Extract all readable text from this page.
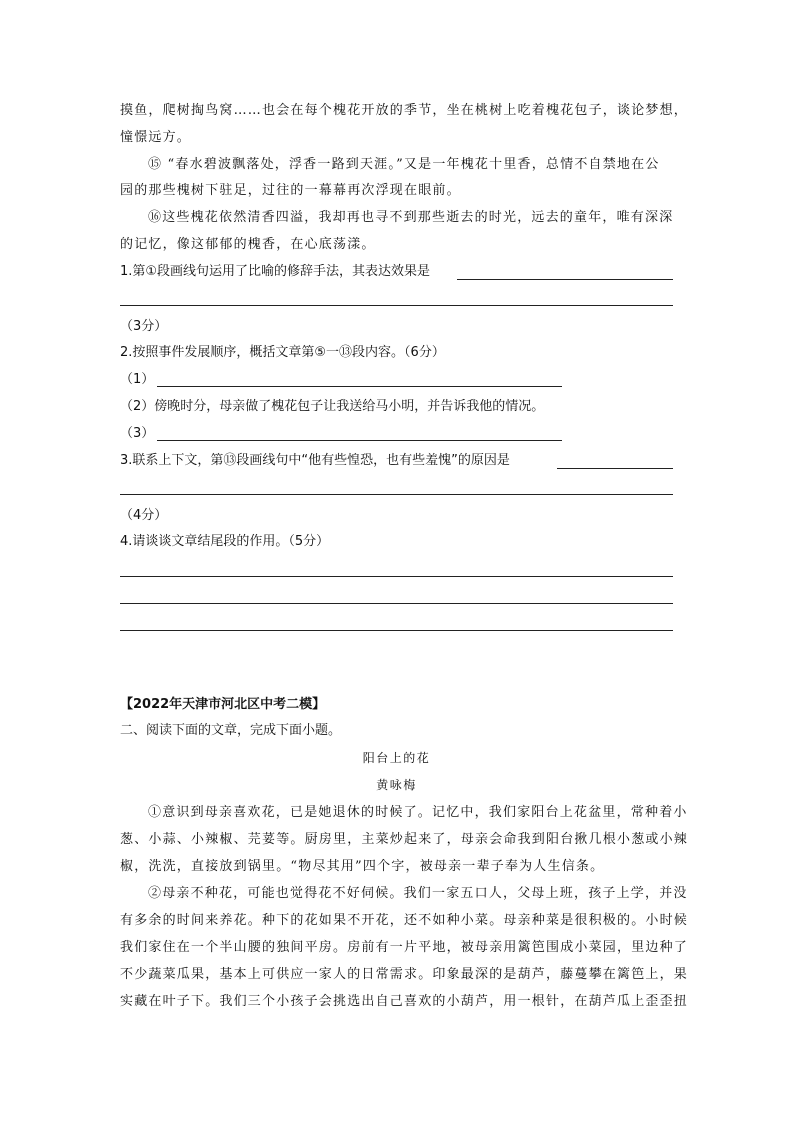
摸鱼，爬树掏鸟窝……也会在每个槐花开放的季节，坐在桃树上吃着槐花包子，谈论梦想，
憧憬远方。
⑮ “春水碧波飘落处，浮香一路到天涯。”又是一年槐花十里香，总情不自禁地在公
园的那些槐树下驻足，过往的一幕幕再次浮现在眼前。
⑯这些槐花依然清香四溢，我却再也寻不到那些逝去的时光，远去的童年，唯有深深
的记忆，像这郁郁的槐香，在心底荡漾。
1.第①段画线句运用了比喻的修辞手法，其表达效果是
（3分）
2.按照事件发展顺序，概括文章第⑤一⑬段内容。（6分）
（1）
（2）傍晚时分，母亲做了槐花包子让我送给马小明，并告诉我他的情况。
（3）
3.联系上下文，第⑬段画线句中“他有些惶恐，也有些羞愧”的原因是
（4分）
4.请谈谈文章结尾段的作用。（5分）
【2022年天津市河北区中考二模】
二、阅读下面的文章，完成下面小题。
阳台上的花
黄咏梅
①意识到母亲喜欢花，已是她退休的时候了。记忆中，我们家阳台上花盆里，常种着小
葱、小蒜、小辣椒、芫荽等。厨房里，主菜炒起来了，母亲会命我到阳台揪几根小葱或小辣
椒，洗洗，直接放到锅里。“物尽其用”四个字，被母亲一辈子奉为人生信条。
②母亲不种花，可能也觉得花不好伺候。我们一家五口人，父母上班，孩子上学，并没
有多余的时间来养花。种下的花如果不开花，还不如种小菜。母亲种菜是很积极的。小时候
我们家住在一个半山腰的独间平房。房前有一片平地，被母亲用篱笆围成小菜园，里边种了
不少蔬菜瓜果，基本上可供应一家人的日常需求。印象最深的是葫芦，藤蔓攀在篱笆上，果
实藏在叶子下。我们三个小孩子会挑选出自己喜欢的小葫芦，用一根针，在葫芦瓜上歪歪扭
